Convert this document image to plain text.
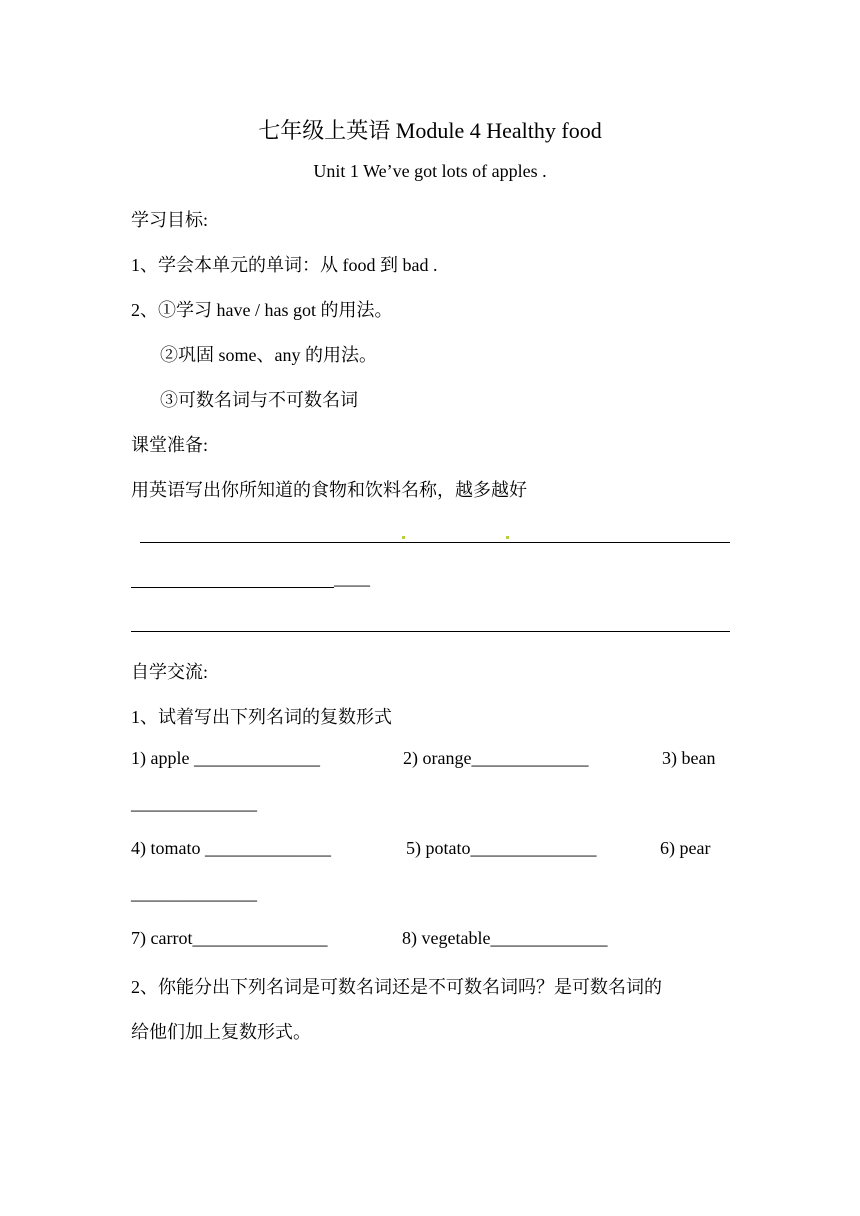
七年级上英语 Module 4 Healthy food
Unit 1 We’ve got lots of apples .
学习目标:
1、学会本单元的单词：从 food 到 bad .
2、①学习 have / has got 的用法。
②巩固 some、any 的用法。
③可数名词与不可数名词
课堂准备:
用英语写出你所知道的食物和饮料名称，越多越好
____
自学交流:
1、试着写出下列名词的复数形式
1) apple ______________	2) orange_____________	3) bean
______________
4) tomato ______________	5) potato______________	6) pear
______________
7) carrot_______________	8) vegetable_____________
2、你能分出下列名词是可数名词还是不可数名词吗？是可数名词的
给他们加上复数形式。
